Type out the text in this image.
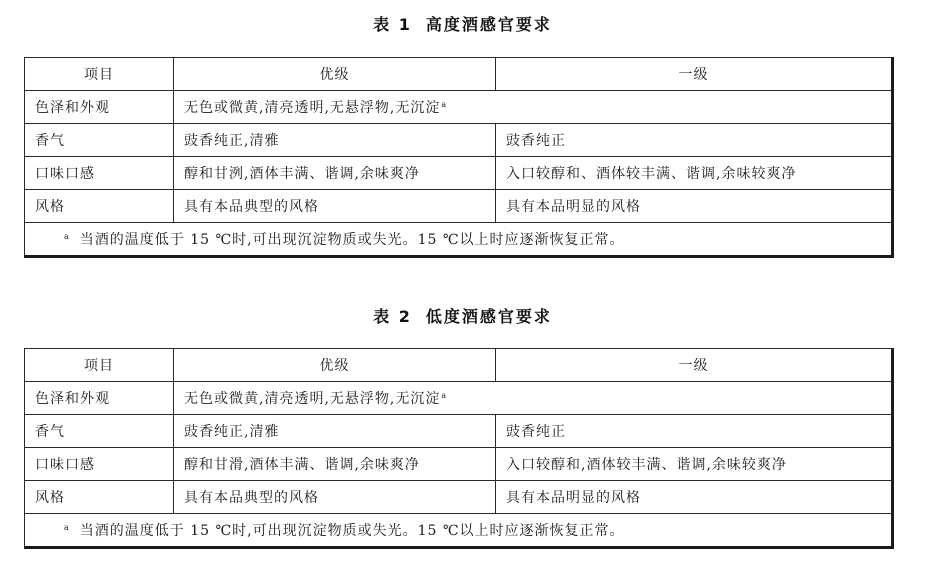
表 1 高度酒感官要求
项目	优级	一级
色泽和外观	无色或微黄,清亮透明,无悬浮物,无沉淀$^a$
香气	豉香纯正,清雅	豉香纯正
口味口感	醇和甘洌,酒体丰满、谐调,余味爽净	入口较醇和、酒体较丰满、谐调,余味较爽净
风格	具有本品典型的风格	具有本品明显的风格
$^a$ 当酒的温度低于 15 ℃时,可出现沉淀物质或失光。15 ℃以上时应逐渐恢复正常。		
表 2 低度酒感官要求
项目	优级	一级
色泽和外观	无色或微黄,清亮透明,无悬浮物,无沉淀$^a$
香气	豉香纯正,清雅	豉香纯正
口味口感	醇和甘滑,酒体丰满、谐调,余味爽净	入口较醇和,酒体较丰满、谐调,余味较爽净
风格	具有本品典型的风格	具有本品明显的风格
$^a$ 当酒的温度低于 15 ℃时,可出现沉淀物质或失光。15 ℃以上时应逐渐恢复正常。		
